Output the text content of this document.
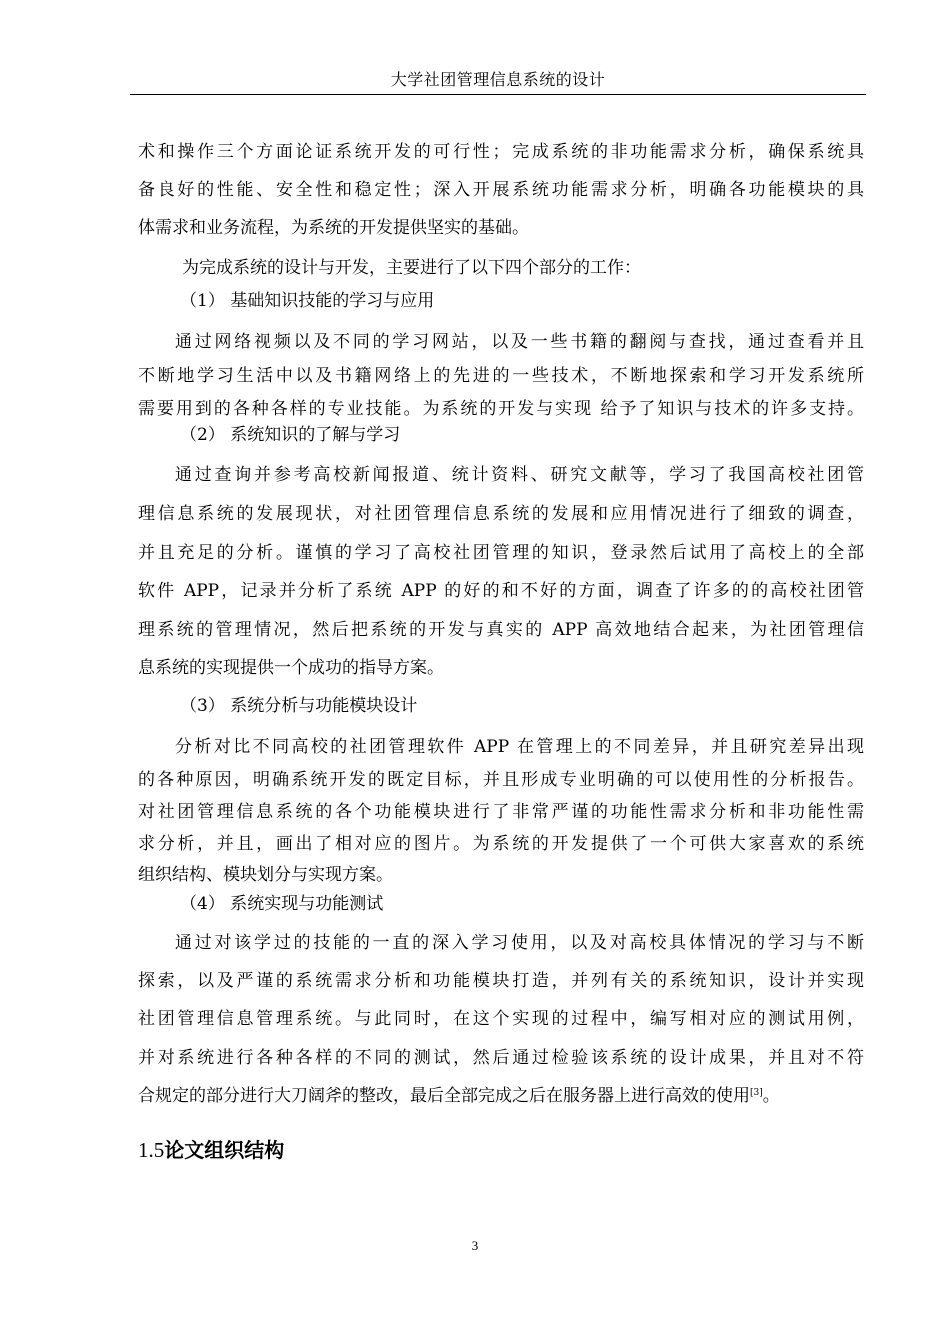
大学社团管理信息系统的设计
术和操作三个方面论证系统开发的可行性；完成系统的非功能需求分析，确保系统具
备良好的性能、安全性和稳定性；深入开展系统功能需求分析，明确各功能模块的具
体需求和业务流程，为系统的开发提供坚实的基础。
为完成系统的设计与开发，主要进行了以下四个部分的工作：
（1） 基础知识技能的学习与应用
通过网络视频以及不同的学习网站，以及一些书籍的翻阅与查找，通过查看并且
不断地学习生活中以及书籍网络上的先进的一些技术，不断地探索和学习开发系统所
需要用到的各种各样的专业技能。为系统的开发与实现 给予了知识与技术的许多支持。
（2） 系统知识的了解与学习
通过查询并参考高校新闻报道、统计资料、研究文献等，学习了我国高校社团管
理信息系统的发展现状，对社团管理信息系统的发展和应用情况进行了细致的调查，
并且充足的分析。谨慎的学习了高校社团管理的知识，登录然后试用了高校上的全部
软件 APP，记录并分析了系统 APP 的好的和不好的方面，调查了许多的的高校社团管
理系统的管理情况，然后把系统的开发与真实的 APP 高效地结合起来，为社团管理信
息系统的实现提供一个成功的指导方案。
（3） 系统分析与功能模块设计
分析对比不同高校的社团管理软件 APP 在管理上的不同差异，并且研究差异出现
的各种原因，明确系统开发的既定目标，并且形成专业明确的可以使用性的分析报告。
对社团管理信息系统的各个功能模块进行了非常严谨的功能性需求分析和非功能性需
求分析，并且，画出了相对应的图片。为系统的开发提供了一个可供大家喜欢的系统
组织结构、模块划分与实现方案。
（4） 系统实现与功能测试
通过对该学过的技能的一直的深入学习使用，以及对高校具体情况的学习与不断
探索，以及严谨的系统需求分析和功能模块打造，并列有关的系统知识，设计并实现
社团管理信息管理系统。与此同时，在这个实现的过程中，编写相对应的测试用例，
并对系统进行各种各样的不同的测试，然后通过检验该系统的设计成果，并且对不符
合规定的部分进行大刀阔斧的整改，最后全部完成之后在服务器上进行高效的使用[3]。
1.5论文组织结构
3
